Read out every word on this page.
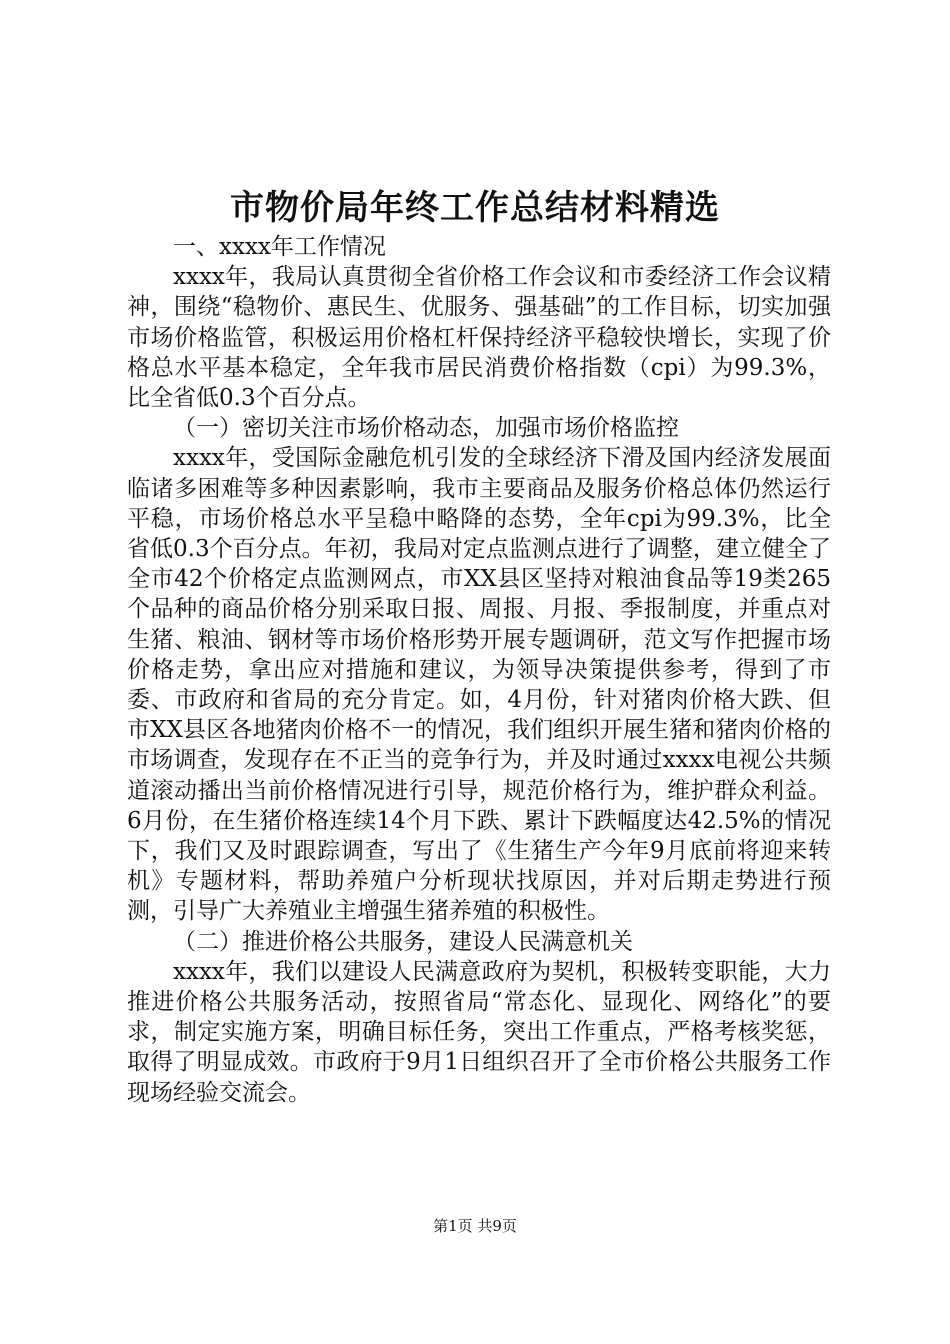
市物价局年终工作总结材料精选

一、xxxx年工作情况

xxxx年，我局认真贯彻全省价格工作会议和市委经济工作会议精神，围绕“稳物价、惠民生、优服务、强基础”的工作目标，切实加强市场价格监管，积极运用价格杠杆保持经济平稳较快增长，实现了价格总水平基本稳定，全年我市居民消费价格指数（cpi）为99.3%，比全省低0.3个百分点。

（一）密切关注市场价格动态，加强市场价格监控

xxxx年，受国际金融危机引发的全球经济下滑及国内经济发展面临诸多困难等多种因素影响，我市主要商品及服务价格总体仍然运行平稳，市场价格总水平呈稳中略降的态势，全年cpi为99.3%，比全省低0.3个百分点。年初，我局对定点监测点进行了调整，建立健全了全市42个价格定点监测网点，市XX县区坚持对粮油食品等19类265个品种的商品价格分别采取日报、周报、月报、季报制度，并重点对生猪、粮油、钢材等市场价格形势开展专题调研，范文写作把握市场价格走势，拿出应对措施和建议，为领导决策提供参考，得到了市委、市政府和省局的充分肯定。如，4月份，针对猪肉价格大跌、但市XX县区各地猪肉价格不一的情况，我们组织开展生猪和猪肉价格的市场调查，发现存在不正当的竞争行为，并及时通过xxxx电视公共频道滚动播出当前价格情况进行引导，规范价格行为，维护群众利益。6月份，在生猪价格连续14个月下跌、累计下跌幅度达42.5%的情况下，我们又及时跟踪调查，写出了《生猪生产今年9月底前将迎来转机》专题材料，帮助养殖户分析现状找原因，并对后期走势进行预测，引导广大养殖业主增强生猪养殖的积极性。

（二）推进价格公共服务，建设人民满意机关

xxxx年，我们以建设人民满意政府为契机，积极转变职能，大力推进价格公共服务活动，按照省局“常态化、显现化、网络化”的要求，制定实施方案，明确目标任务，突出工作重点，严格考核奖惩，取得了明显成效。市政府于9月1日组织召开了全市价格公共服务工作现场经验交流会。

第1页 共9页
